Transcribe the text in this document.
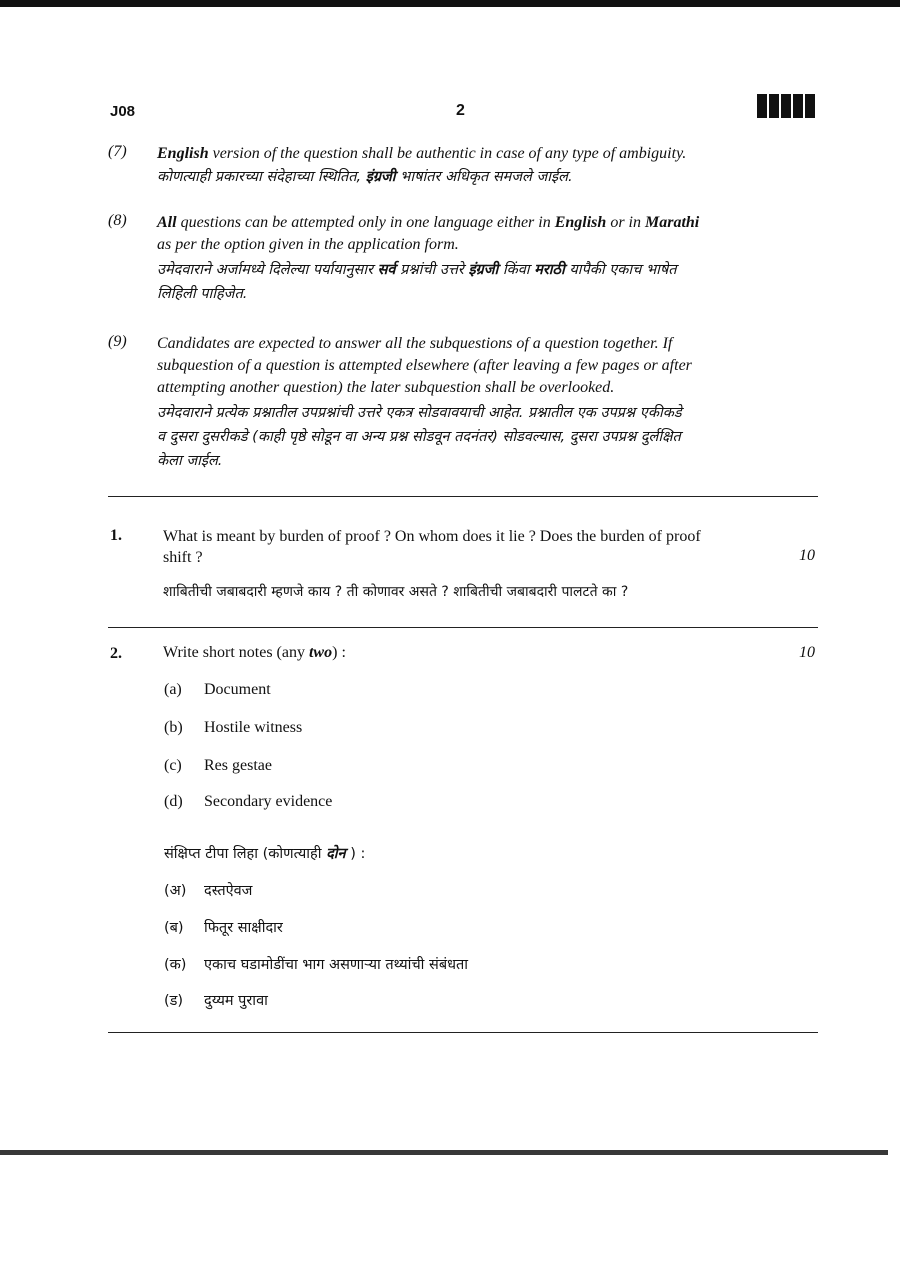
J08	2
(7) English version of the question shall be authentic in case of any type of ambiguity.
कोणत्याही प्रकारच्या संदेहाच्या स्थितित, इंग्रजी भाषांतर अधिकृत समजले जाईल.
(8) All questions can be attempted only in one language either in English or in Marathi
as per the option given in the application form.
उमेदवाराने अर्जामध्ये दिलेल्या पर्यायानुसार सर्व प्रश्नांची उत्तरे इंग्रजी किंवा मराठी यापैकी एकाच भाषेत
लिहिली पाहिजेत.
(9) Candidates are expected to answer all the subquestions of a question together. If
subquestion of a question is attempted elsewhere (after leaving a few pages or after
attempting another question) the later subquestion shall be overlooked.
उमेदवाराने प्रत्येक प्रश्नातील उपप्रश्नांची उत्तरे एकत्र सोडवावयाची आहेत. प्रश्नातील एक उपप्रश्न एकीकडे
व दुसरा दुसरीकडे (काही पृष्ठे सोडून वा अन्य प्रश्न सोडवून तदनंतर) सोडवल्यास, दुसरा उपप्रश्न दुर्लक्षित
केला जाईल.
1.	What is meant by burden of proof ? On whom does it lie ? Does the burden of proof
shift ?	10
शाबितीची जबाबदारी म्हणजे काय ? ती कोणावर असते ? शाबितीची जबाबदारी पालटते का ?
2.	Write short notes (any two) :	10
(a) Document
(b) Hostile witness
(c) Res gestae
(d) Secondary evidence
संक्षिप्त टीपा लिहा (कोणत्याही दोन ) :
(अ) दस्तऐवज
(ब) फितूर साक्षीदार
(क) एकाच घडामोडींचा भाग असणाऱ्या तथ्यांची संबंधता
(ड) दुय्यम पुरावा
